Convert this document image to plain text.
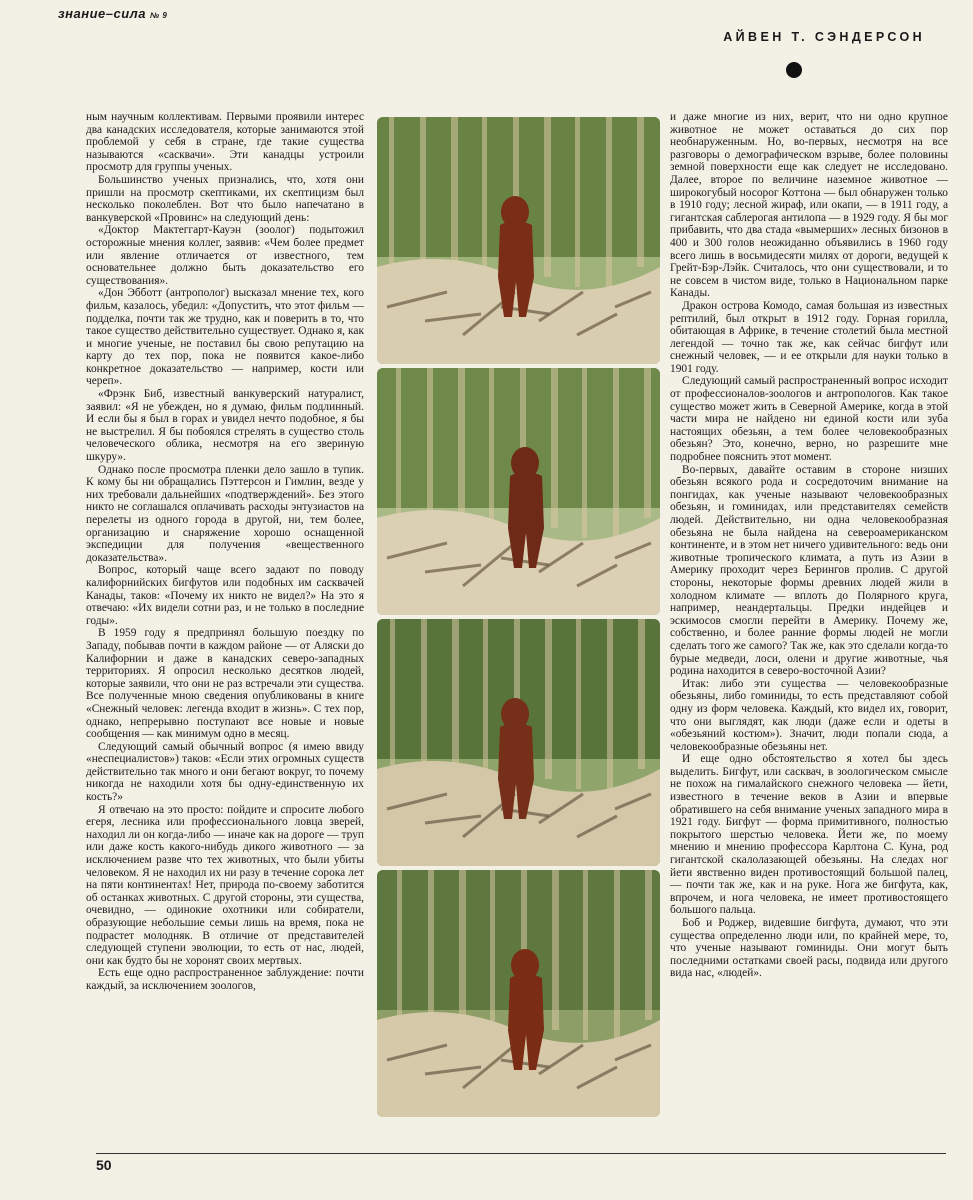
знание–сила № 9
АЙВЕН Т. СЭНДЕРСОН

ным научным коллективам. Первыми проявили интерес два канадских исследователя, которые занимаются этой проблемой у себя в стране, где такие существа называются «сасквачи». Эти канадцы устроили просмотр для группы ученых.

Большинство ученых признались, что, хотя они пришли на просмотр скептиками, их скептицизм был несколько поколеблен. Вот что было напечатано в ванкуверской «Провинс» на следующий день:

«Доктор Мактеггарт-Кауэн (зоолог) подытожил осторожные мнения коллег, заявив: «Чем более предмет или явление отличается от известного, тем основательнее должно быть доказательство его существования».

«Дон Эбботт (антрополог) высказал мнение тех, кого фильм, казалось, убедил: «Допустить, что этот фильм — подделка, почти так же трудно, как и поверить в то, что такое существо действительно существует. Однако я, как и многие ученые, не поставил бы свою репутацию на карту до тех пор, пока не появится какое-либо конкретное доказательство — например, кости или череп».

«Фрэнк Биб, известный ванкуверский натуралист, заявил: «Я не убежден, но я думаю, фильм подлинный. И если бы я был в горах и увидел нечто подобное, я бы не выстрелил. Я бы побоялся стрелять в существо столь человеческого облика, несмотря на его звериную шкуру».

Однако после просмотра пленки дело зашло в тупик. К кому бы ни обращались Пэттерсон и Гимлин, везде у них требовали дальнейших «подтверждений». Без этого никто не соглашался оплачивать расходы энтузиастов на перелеты из одного города в другой, ни, тем более, организацию и снаряжение хорошо оснащенной экспедиции для получения «вещественного доказательства».

Вопрос, который чаще всего задают по поводу калифорнийских бигфутов или подобных им сасквачей Канады, таков: «Почему их никто не видел?» На это я отвечаю: «Их видели сотни раз, и не только в последние годы».

В 1959 году я предпринял большую поездку по Западу, побывав почти в каждом районе — от Аляски до Калифорнии и даже в канадских северо-западных территориях. Я опросил несколько десятков людей, которые заявили, что они не раз встречали эти существа. Все полученные мною сведения опубликованы в книге «Снежный человек: легенда входит в жизнь». С тех пор, однако, непрерывно поступают все новые и новые сообщения — как минимум одно в месяц.

Следующий самый обычный вопрос (я имею ввиду «неспециалистов») таков: «Если этих огромных существ действительно так много и они бегают вокруг, то почему никогда не находили хотя бы одну-единственную их кость?»

Я отвечаю на это просто: пойдите и спросите любого егеря, лесника или профессионального ловца зверей, находил ли он когда-либо — иначе как на дороге — труп или даже кость какого-нибудь дикого животного — за исключением разве что тех животных, что были убиты человеком. Я не находил их ни разу в течение сорока лет на пяти континентах! Нет, природа по-своему заботится об останках животных. С другой стороны, эти существа, очевидно, — одинокие охотники или собиратели, образующие небольшие семьи лишь на время, пока не подрастет молодняк. В отличие от представителей следующей ступени эволюции, то есть от нас, людей, они как будто бы не хоронят своих мертвых.

Есть еще одно распространенное заблуждение: почти каждый, за исключением зоологов,

и даже многие из них, верит, что ни одно крупное животное не может оставаться до сих пор необнаруженным. Но, во-первых, несмотря на все разговоры о демографическом взрыве, более половины земной поверхности еще как следует не исследовано. Далее, второе по величине наземное животное — широкогубый носорог Коттона — был обнаружен только в 1910 году; лесной жираф, или окапи, — в 1911 году, а гигантская саблерогая антилопа — в 1929 году. Я бы мог прибавить, что два стада «вымерших» лесных бизонов в 400 и 300 голов неожиданно объявились в 1960 году всего лишь в восьмидесяти милях от дороги, ведущей к Грейт-Бэр-Лэйк. Считалось, что они существовали, и то не совсем в чистом виде, только в Национальном парке Канады.

Дракон острова Комодо, самая большая из известных рептилий, был открыт в 1912 году. Горная горилла, обитающая в Африке, в течение столетий была местной легендой — точно так же, как сейчас бигфут или снежный человек, — и ее открыли для науки только в 1901 году.

Следующий самый распространенный вопрос исходит от профессионалов-зоологов и антропологов. Как такое существо может жить в Северной Америке, когда в этой части мира не найдено ни единой кости или зуба настоящих обезьян, а тем более человекообразных обезьян? Это, конечно, верно, но разрешите мне подробнее пояснить этот момент.

Во-первых, давайте оставим в стороне низших обезьян всякого рода и сосредоточим внимание на понгидах, как ученые называют человекообразных обезьян, и гоминидах, или представителях семейств людей. Действительно, ни одна человекообразная обезьяна не была найдена на североамериканском континенте, и в этом нет ничего удивительного: ведь они животные тропического климата, а путь из Азии в Америку проходит через Берингов пролив. С другой стороны, некоторые формы древних людей жили в холодном климате — вплоть до Полярного круга, например, неандертальцы. Предки индейцев и эскимосов смогли перейти в Америку. Почему же, собственно, и более ранние формы людей не могли сделать того же самого? Так же, как это сделали когда-то бурые медведи, лоси, олени и другие животные, чья родина находится в северо-восточной Азии?

Итак: либо эти существа — человекообразные обезьяны, либо гоминиды, то есть представляют собой одну из форм человека. Каждый, кто видел их, говорит, что они выглядят, как люди (даже если и одеты в «обезьяний костюм»). Значит, люди попали сюда, а человекообразные обезьяны нет.

И еще одно обстоятельство я хотел бы здесь выделить. Бигфут, или сасквач, в зоологическом смысле не похож на гималайского снежного человека — йети, известного в течение веков в Азии и впервые обратившего на себя внимание ученых западного мира в 1921 году. Бигфут — форма примитивного, полностью покрытого шерстью человека. Йети же, по моему мнению и мнению профессора Карлтона С. Куна, род гигантской скалолазающей обезьяны. На следах ног йети явственно виден противостоящий большой палец, — почти так же, как и на руке. Нога же бигфута, как, впрочем, и нога человека, не имеет противостоящего большого пальца.

Боб и Роджер, видевшие бигфута, думают, что эти существа определенно люди или, по крайней мере, то, что ученые называют гоминиды. Они могут быть последними остатками своей расы, подвида или другого вида нас, «людей».

50
